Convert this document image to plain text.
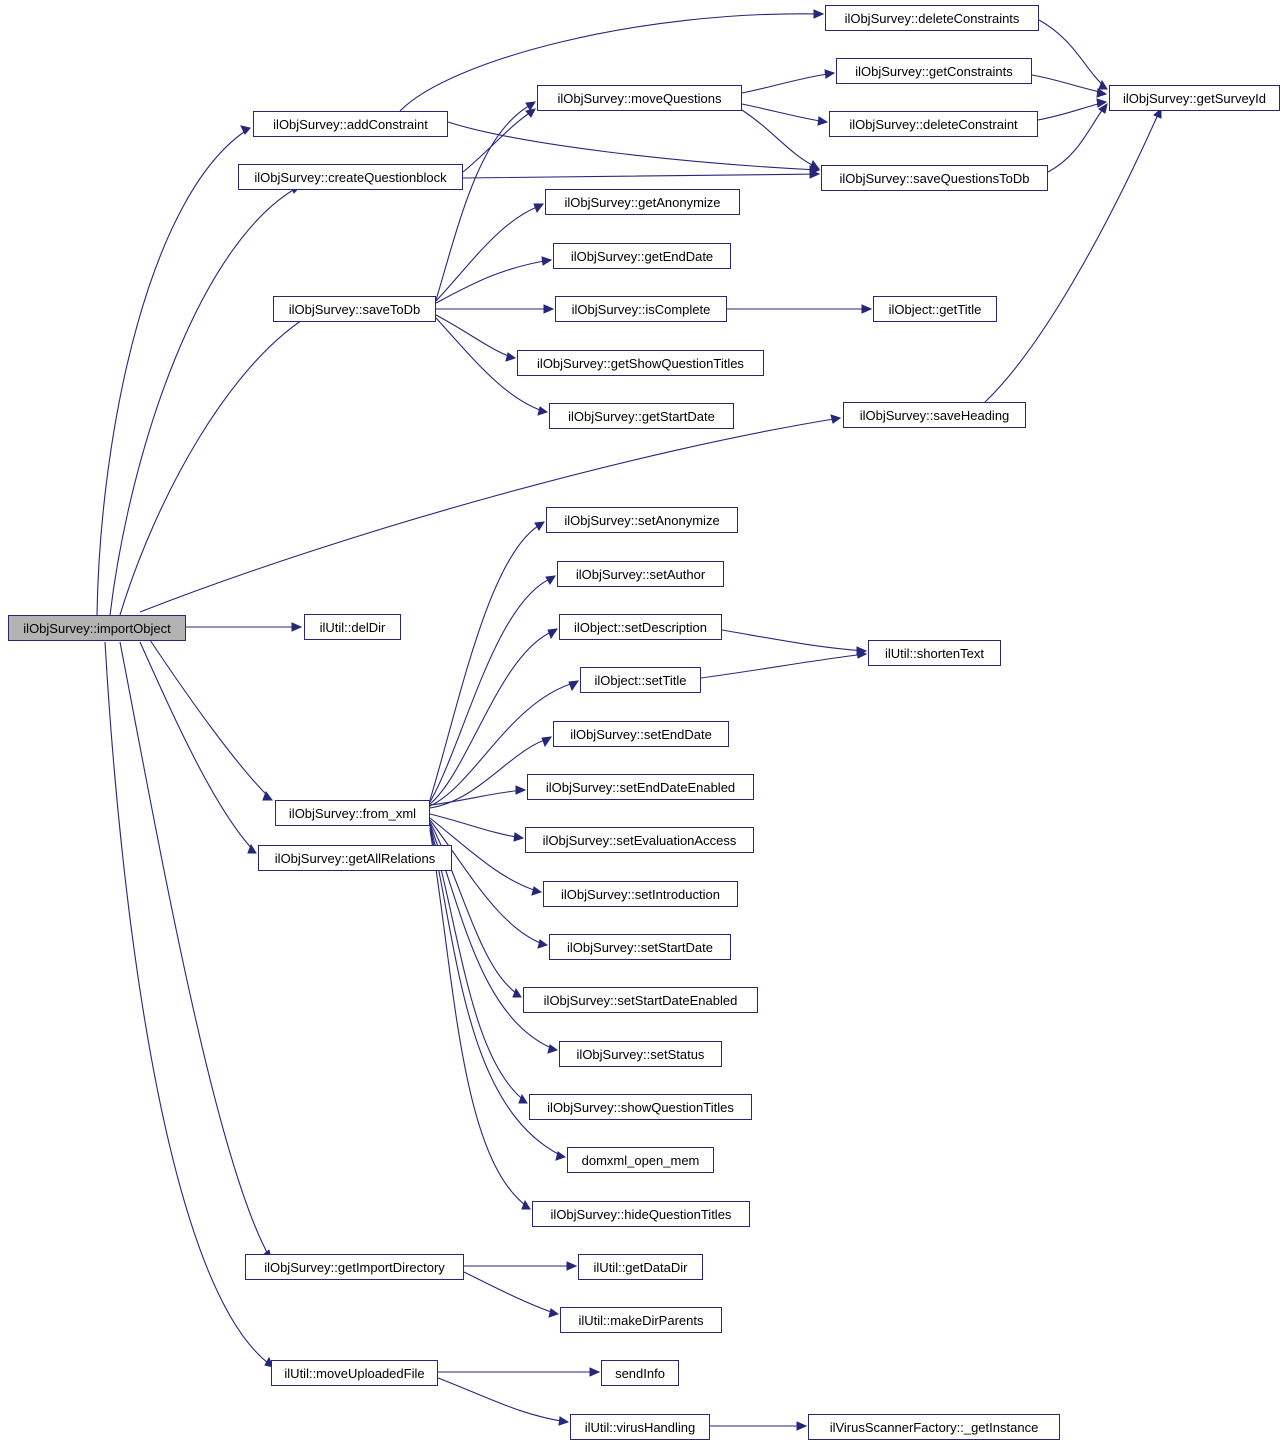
ilObjSurvey::importObject
ilObjSurvey::addConstraint
ilObjSurvey::createQuestionblock
ilObjSurvey::moveQuestions
ilObjSurvey::deleteConstraints
ilObjSurvey::getConstraints
ilObjSurvey::deleteConstraint
ilObjSurvey::saveQuestionsToDb
ilObjSurvey::getSurveyId
ilObjSurvey::saveToDb
ilObjSurvey::getAnonymize
ilObjSurvey::getEndDate
ilObjSurvey::isComplete	ilObject::getTitle
ilObjSurvey::getShowQuestionTitles
ilObjSurvey::getStartDate	ilObjSurvey::saveHeading
ilUtil::delDir
ilObjSurvey::setAnonymize
ilObjSurvey::setAuthor
ilObject::setDescription
ilObject::setTitle
ilUtil::shortenText
ilObjSurvey::setEndDate
ilObjSurvey::setEndDateEnabled
ilObjSurvey::setEvaluationAccess
ilObjSurvey::from_xml
ilObjSurvey::setIntroduction
ilObjSurvey::setStartDate
ilObjSurvey::setStartDateEnabled
ilObjSurvey::setStatus
ilObjSurvey::showQuestionTitles
domxml_open_mem
ilObjSurvey::hideQuestionTitles
ilObjSurvey::getAllRelations
ilObjSurvey::getImportDirectory	ilUtil::getDataDir
ilUtil::makeDirParents
ilUtil::moveUploadedFile	sendInfo
ilUtil::virusHandling	ilVirusScannerFactory::_getInstance
